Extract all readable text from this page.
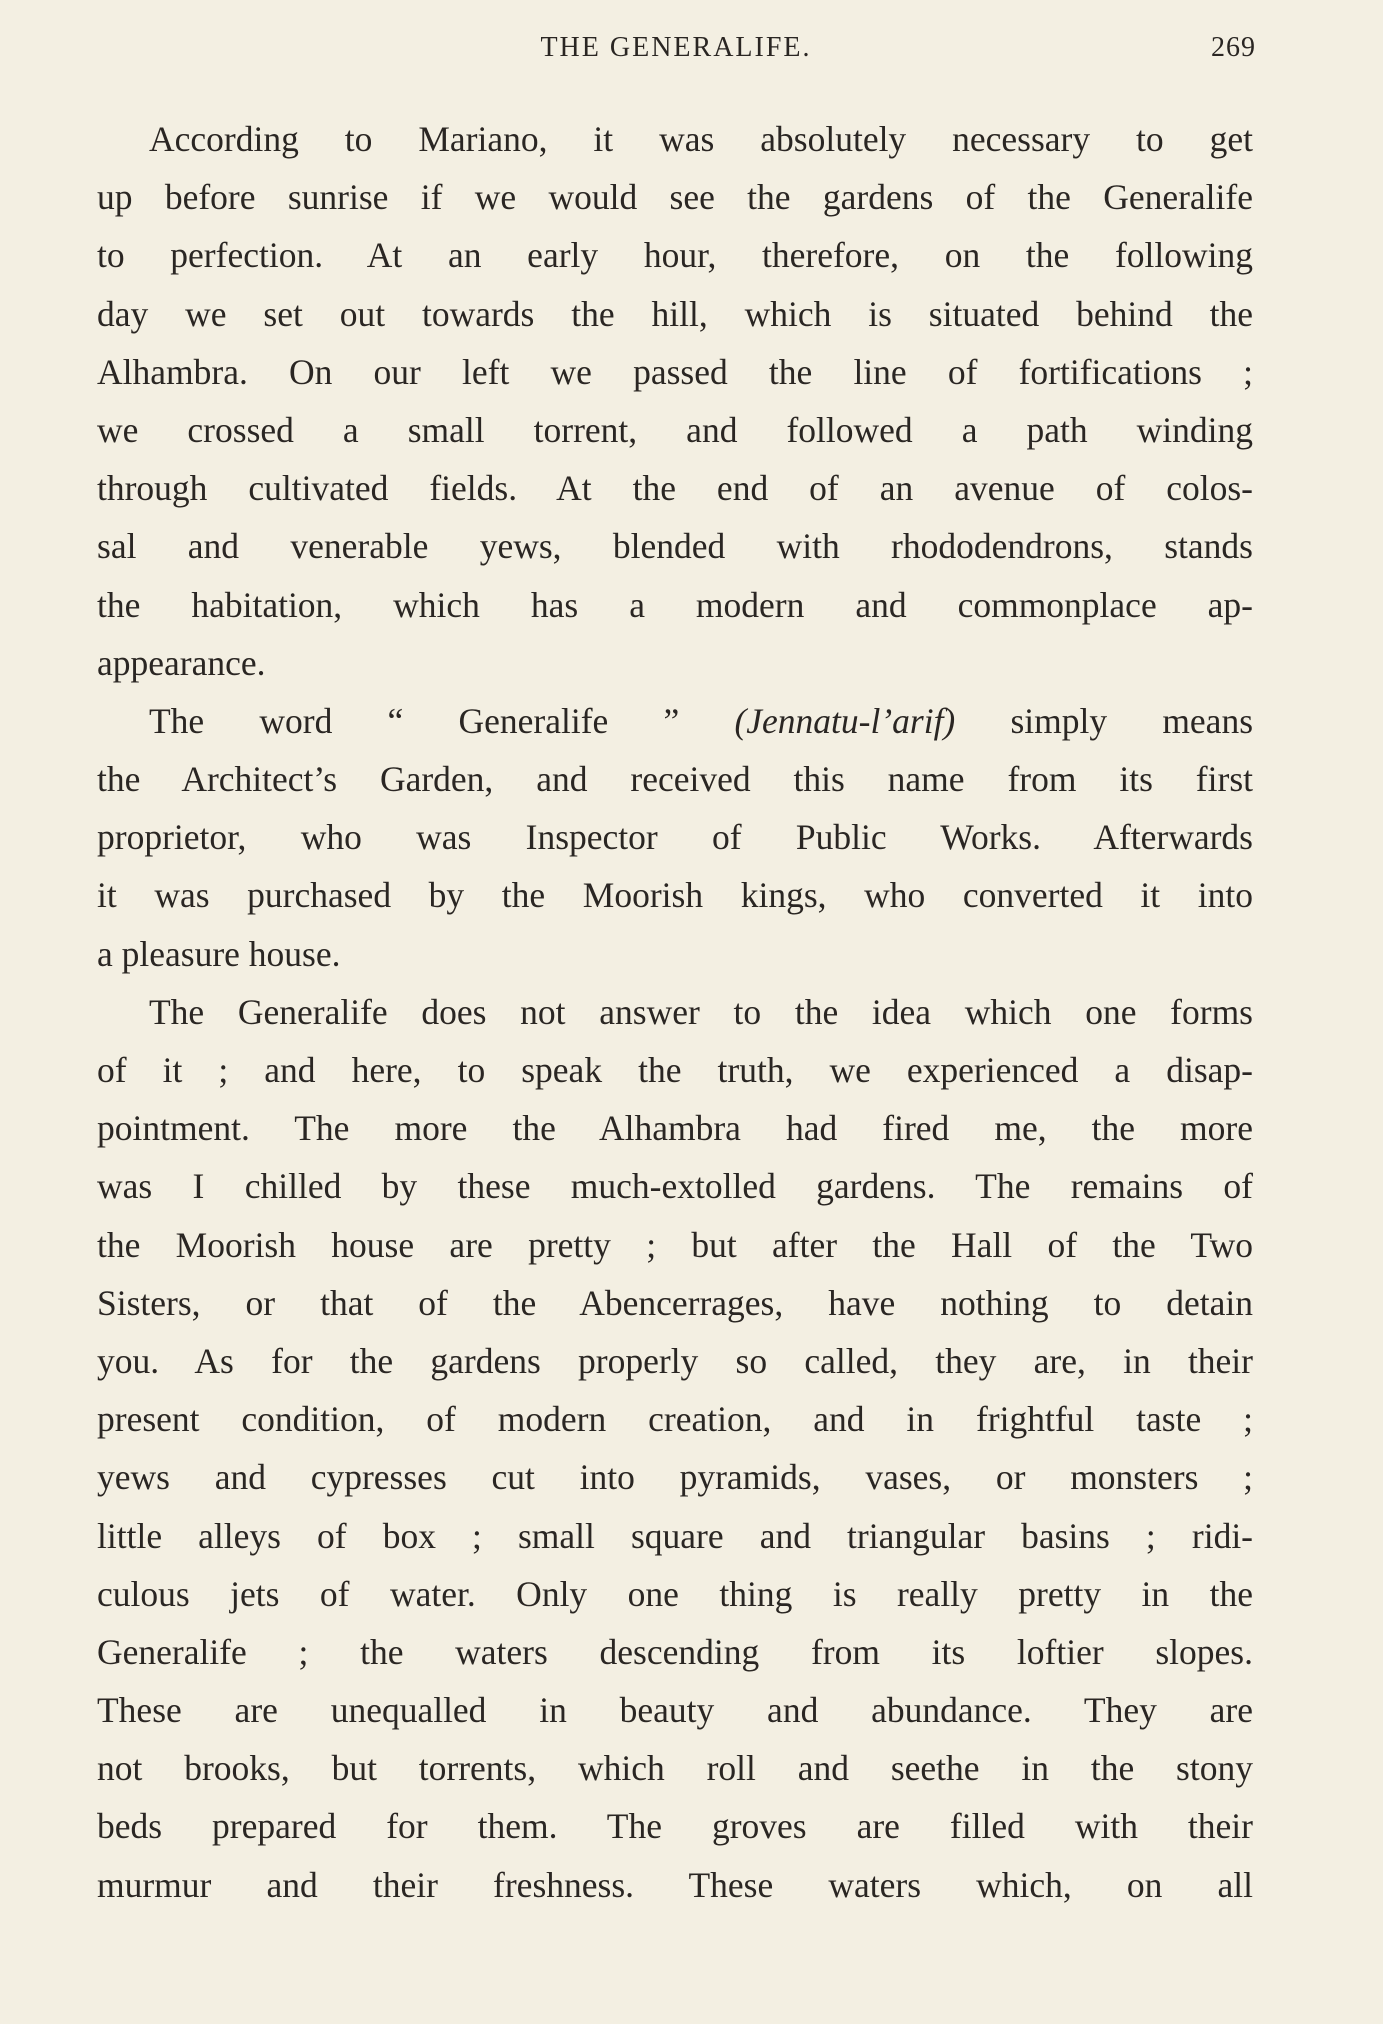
THE GENERALIFE.	269
According to Mariano, it was absolutely necessary to get
up before sunrise if we would see the gardens of the Generalife
to perfection. At an early hour, therefore, on the following
day we set out towards the hill, which is situated behind the
Alhambra. On our left we passed the line of fortifications ;
we crossed a small torrent, and followed a path winding
through cultivated fields. At the end of an avenue of colos-
sal and venerable yews, blended with rhododendrons, stands
the habitation, which has a modern and commonplace ap-
appearance.
The word “ Generalife ” (Jennatu-l’arif) simply means
the Architect’s Garden, and received this name from its first
proprietor, who was Inspector of Public Works. Afterwards
it was purchased by the Moorish kings, who converted it into
a pleasure house.
The Generalife does not answer to the idea which one forms
of it ; and here, to speak the truth, we experienced a disap-
pointment. The more the Alhambra had fired me, the more
was I chilled by these much-extolled gardens. The remains of
the Moorish house are pretty ; but after the Hall of the Two
Sisters, or that of the Abencerrages, have nothing to detain
you. As for the gardens properly so called, they are, in their
present condition, of modern creation, and in frightful taste ;
yews and cypresses cut into pyramids, vases, or monsters ;
little alleys of box ; small square and triangular basins ; ridi-
culous jets of water. Only one thing is really pretty in the
Generalife ; the waters descending from its loftier slopes.
These are unequalled in beauty and abundance. They are
not brooks, but torrents, which roll and seethe in the stony
beds prepared for them. The groves are filled with their
murmur and their freshness. These waters which, on all
